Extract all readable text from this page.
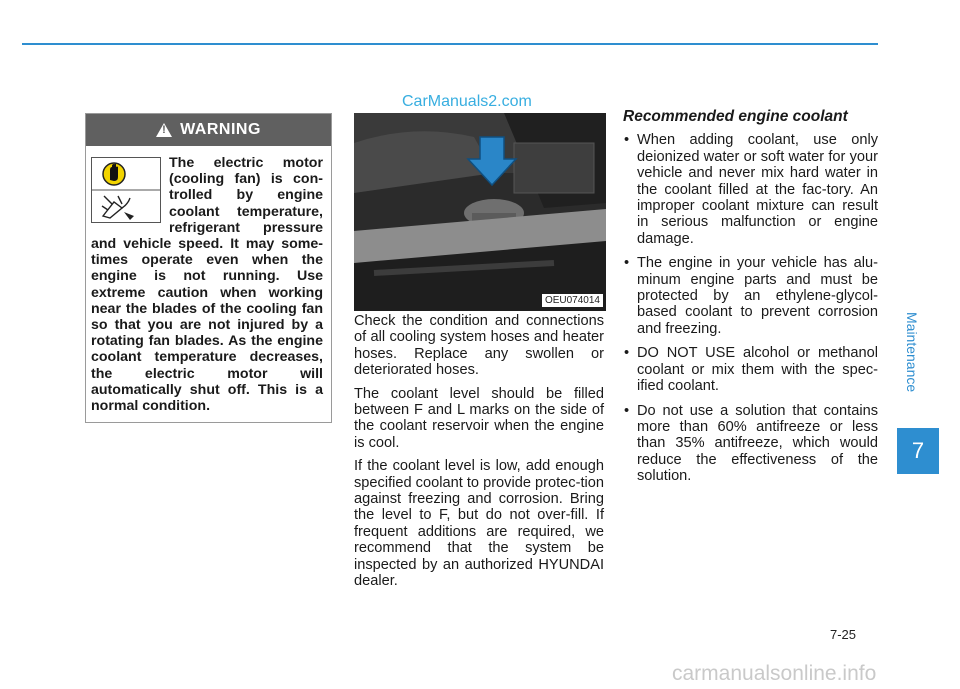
CarManuals2.com
! WARNING
The electric motor (cooling fan) is con-trolled by engine coolant temperature, refrigerant pressure and vehicle speed. It may some-times operate even when the engine is not running. Use extreme caution when working near the blades of the cooling fan so that you are not injured by a rotating fan blades. As the engine coolant temperature decreases, the electric motor will automatically shut off. This is a normal condition.
OEU074014

Check the condition and connections of all cooling system hoses and heater hoses. Replace any swollen or deteriorated hoses.

The coolant level should be filled between F and L marks on the side of the coolant reservoir when the engine is cool.

If the coolant level is low, add enough specified coolant to provide protec-tion against freezing and corrosion. Bring the level to F, but do not over-fill. If frequent additions are required, we recommend that the system be inspected by an authorized HYUNDAI dealer.

Recommended engine coolant
• When adding coolant, use only deionized water or soft water for your vehicle and never mix hard water in the coolant filled at the fac-tory. An improper coolant mixture can result in serious malfunction or engine damage.
• The engine in your vehicle has alu-minum engine parts and must be protected by an ethylene-glycol-based coolant to prevent corrosion and freezing.
• DO NOT USE alcohol or methanol coolant or mix them with the spec-ified coolant.
• Do not use a solution that contains more than 60% antifreeze or less than 35% antifreeze, which would reduce the effectiveness of the solution.
Maintenance
7
7-25
carmanualsonline.info
